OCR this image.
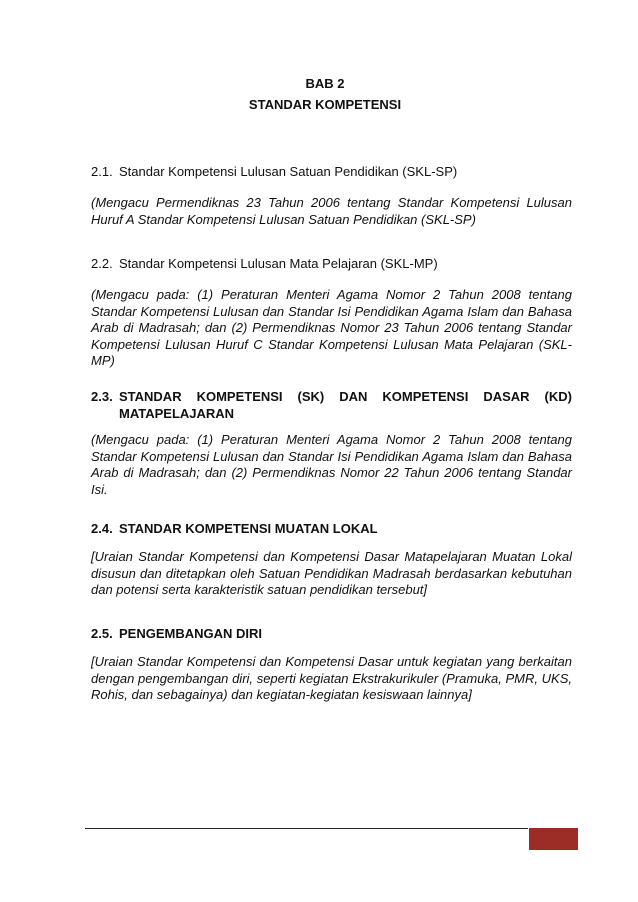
BAB 2
STANDAR KOMPETENSI
2.1. Standar Kompetensi Lulusan Satuan Pendidikan (SKL-SP)
(Mengacu Permendiknas 23 Tahun 2006 tentang Standar Kompetensi Lulusan Huruf A Standar Kompetensi Lulusan Satuan Pendidikan (SKL-SP)
2.2. Standar Kompetensi Lulusan Mata Pelajaran (SKL-MP)
(Mengacu pada: (1) Peraturan Menteri Agama Nomor 2 Tahun 2008 tentang Standar Kompetensi Lulusan dan Standar Isi Pendidikan Agama Islam dan Bahasa Arab di Madrasah; dan (2) Permendiknas Nomor 23 Tahun 2006 tentang Standar Kompetensi Lulusan Huruf C Standar Kompetensi Lulusan Mata Pelajaran (SKL-MP)
2.3. STANDAR KOMPETENSI (SK) DAN KOMPETENSI DASAR (KD) MATAPELAJARAN
(Mengacu pada: (1) Peraturan Menteri Agama Nomor 2 Tahun 2008 tentang Standar Kompetensi Lulusan dan Standar Isi Pendidikan Agama Islam dan Bahasa Arab di Madrasah; dan (2) Permendiknas Nomor 22 Tahun 2006 tentang Standar Isi.
2.4. STANDAR KOMPETENSI MUATAN LOKAL
[Uraian Standar Kompetensi dan Kompetensi Dasar Matapelajaran Muatan Lokal disusun dan ditetapkan oleh Satuan Pendidikan Madrasah berdasarkan kebutuhan dan potensi serta karakteristik satuan pendidikan tersebut]
2.5. PENGEMBANGAN DIRI
[Uraian Standar Kompetensi dan Kompetensi Dasar untuk kegiatan yang berkaitan dengan pengembangan diri, seperti kegiatan Ekstrakurikuler (Pramuka, PMR, UKS, Rohis, dan sebagainya) dan kegiatan-kegiatan kesiswaan lainnya]
